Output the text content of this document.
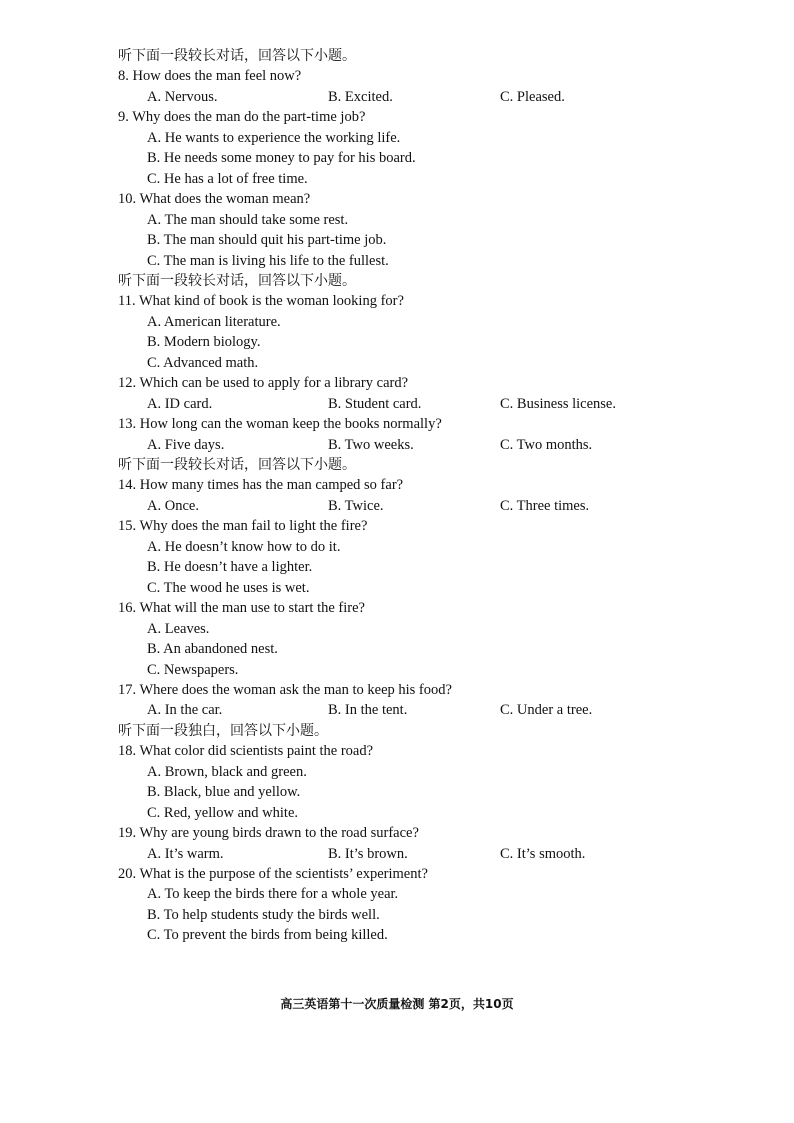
听下面一段较长对话，回答以下小题。
8. How does the man feel now?
A. Nervous.	B. Excited.	C. Pleased.
9. Why does the man do the part-time job?
A. He wants to experience the working life.
B. He needs some money to pay for his board.
C. He has a lot of free time.
10. What does the woman mean?
A. The man should take some rest.
B. The man should quit his part-time job.
C. The man is living his life to the fullest.
听下面一段较长对话，回答以下小题。
11. What kind of book is the woman looking for?
A. American literature.
B. Modern biology.
C. Advanced math.
12. Which can be used to apply for a library card?
A. ID card.	B. Student card.	C. Business license.
13. How long can the woman keep the books normally?
A. Five days.	B. Two weeks.	C. Two months.
听下面一段较长对话，回答以下小题。
14. How many times has the man camped so far?
A. Once.	B. Twice.	C. Three times.
15. Why does the man fail to light the fire?
A. He doesn’t know how to do it.
B. He doesn’t have a lighter.
C. The wood he uses is wet.
16. What will the man use to start the fire?
A. Leaves.
B. An abandoned nest.
C. Newspapers.
17. Where does the woman ask the man to keep his food?
A. In the car.	B. In the tent.	C. Under a tree.
听下面一段独白，回答以下小题。
18. What color did scientists paint the road?
A. Brown, black and green.
B. Black, blue and yellow.
C. Red, yellow and white.
19. Why are young birds drawn to the road surface?
A. It’s warm.	B. It’s brown.	C. It’s smooth.
20. What is the purpose of the scientists’ experiment?
A. To keep the birds there for a whole year.
B. To help students study the birds well.
C. To prevent the birds from being killed.
高三英语第十一次质量检测 第2页，共10页
